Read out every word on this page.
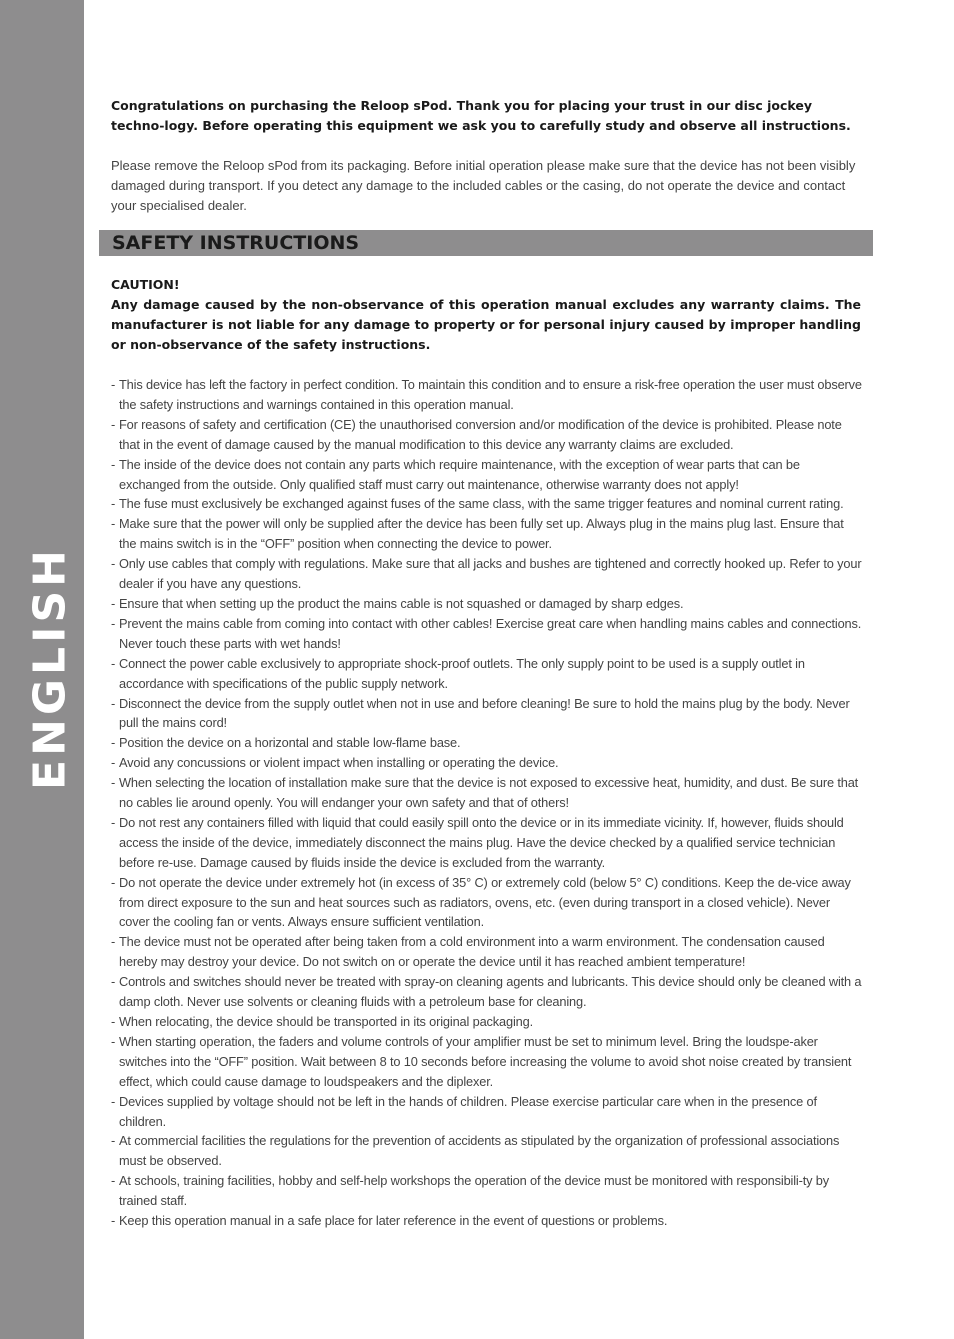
ENGLISH

Congratulations on purchasing the Reloop sPod. Thank you for placing your trust in our disc jockey techno-logy. Before operating this equipment we ask you to carefully study and observe all instructions.

Please remove the Reloop sPod from its packaging. Before initial operation please make sure that the device has not been visibly damaged during transport. If you detect any damage to the included cables or the casing, do not operate the device and contact your specialised dealer.

SAFETY INSTRUCTIONS

CAUTION!

Any damage caused by the non-observance of this operation manual excludes any warranty claims. The manufacturer is not liable for any damage to property or for personal injury caused by improper handling or non-observance of the safety instructions.

- This device has left the factory in perfect condition. To maintain this condition and to ensure a risk-free operation the user must observe the safety instructions and warnings contained in this operation manual.
- For reasons of safety and certification (CE) the unauthorised conversion and/or modification of the device is prohibited. Please note that in the event of damage caused by the manual modification to this device any warranty claims are excluded.
- The inside of the device does not contain any parts which require maintenance, with the exception of wear parts that can be exchanged from the outside. Only qualified staff must carry out maintenance, otherwise warranty does not apply!
- The fuse must exclusively be exchanged against fuses of the same class, with the same trigger features and nominal current rating.
- Make sure that the power will only be supplied after the device has been fully set up. Always plug in the mains plug last. Ensure that the mains switch is in the “OFF” position when connecting the device to power.
- Only use cables that comply with regulations. Make sure that all jacks and bushes are tightened and correctly hooked up. Refer to your dealer if you have any questions.
- Ensure that when setting up the product the mains cable is not squashed or damaged by sharp edges.
- Prevent the mains cable from coming into contact with other cables! Exercise great care when handling mains cables and connections. Never touch these parts with wet hands!
- Connect the power cable exclusively to appropriate shock-proof outlets. The only supply point to be used is a supply outlet in accordance with specifications of the public supply network.
- Disconnect the device from the supply outlet when not in use and before cleaning! Be sure to hold the mains plug by the body. Never pull the mains cord!
- Position the device on a horizontal and stable low-flame base.
- Avoid any concussions or violent impact when installing or operating the device.
- When selecting the location of installation make sure that the device is not exposed to excessive heat, humidity, and dust. Be sure that no cables lie around openly. You will endanger your own safety and that of others!
- Do not rest any containers filled with liquid that could easily spill onto the device or in its immediate vicinity. If, however, fluids should access the inside of the device, immediately disconnect the mains plug. Have the device checked by a qualified service technician before re-use. Damage caused by fluids inside the device is excluded from the warranty.
- Do not operate the device under extremely hot (in excess of 35° C) or extremely cold (below 5° C) conditions. Keep the de-vice away from direct exposure to the sun and heat sources such as radiators, ovens, etc. (even during transport in a closed vehicle). Never cover the cooling fan or vents. Always ensure sufficient ventilation.
- The device must not be operated after being taken from a cold environment into a warm environment. The condensation caused hereby may destroy your device. Do not switch on or operate the device until it has reached ambient temperature!
- Controls and switches should never be treated with spray-on cleaning agents and lubricants. This device should only be cleaned with a damp cloth. Never use solvents or cleaning fluids with a petroleum base for cleaning.
- When relocating, the device should be transported in its original packaging.
- When starting operation, the faders and volume controls of your amplifier must be set to minimum level. Bring the loudspe-aker switches into the “OFF” position. Wait between 8 to 10 seconds before increasing the volume to avoid shot noise created by transient effect, which could cause damage to loudspeakers and the diplexer.
- Devices supplied by voltage should not be left in the hands of children. Please exercise particular care when in the presence of children.
- At commercial facilities the regulations for the prevention of accidents as stipulated by the organization of professional associations must be observed.
- At schools, training facilities, hobby and self-help workshops the operation of the device must be monitored with responsibili-ty by trained staff.
- Keep this operation manual in a safe place for later reference in the event of questions or problems.
